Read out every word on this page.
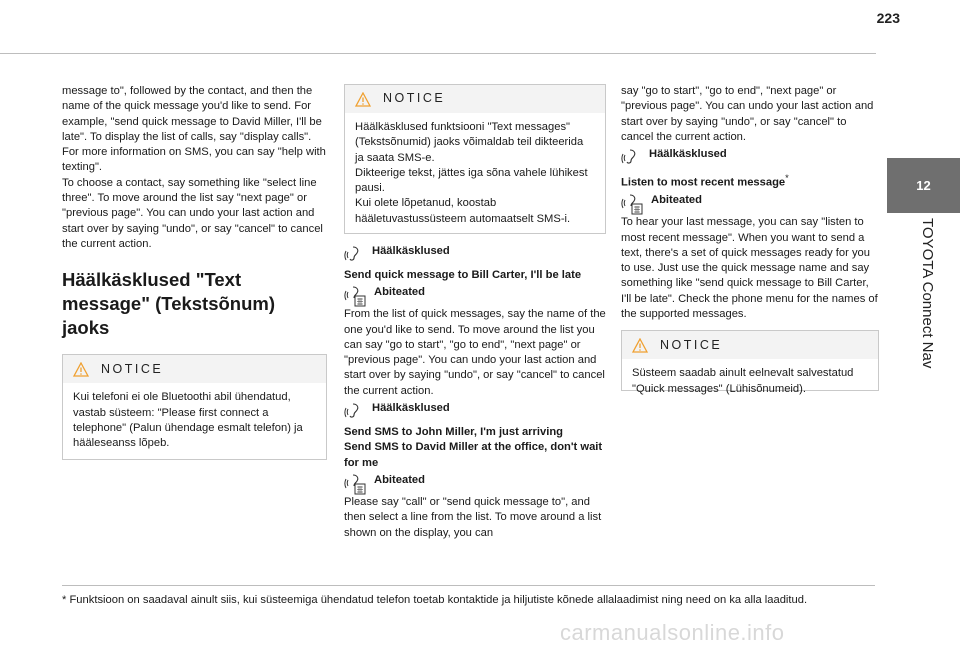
223
12
TOYOTA Connect Nav

message to", followed by the contact, and then the name of the quick message you'd like to send. For example, "send quick message to David Miller, I'll be late". To display the list of calls, say "display calls". For more information on SMS, you can say "help with texting".

To choose a contact, say something like "select line three". To move around the list say "next page" or "previous page". You can undo your last action and start over by saying "undo", or say "cancel" to cancel the current action.

Häälkäsklused "Text message" (Tekstsõnum) jaoks
NOTICE
Kui telefoni ei ole Bluetoothi abil ühendatud, vastab süsteem: "Please first connect a telephone" (Palun ühendage esmalt telefon) ja hääleseanss lõpeb.
NOTICE

Häälkäsklused funktsiooni "Text messages" (Tekstsõnumid) jaoks võimaldab teil dikteerida ja saata SMS-e.

Dikteerige tekst, jättes iga sõna vahele lühikest pausi.

Kui olete lõpetanud, koostab hääletuvastussüsteem automaatselt SMS-i.

Häälkäsklused
Send quick message to Bill Carter, I'll be late
Abiteated

From the list of quick messages, say the name of the one you'd like to send. To move around the list you can say "go to start", "go to end", "next page" or "previous page". You can undo your last action and start over by saying "undo", or say "cancel" to cancel the current action.

Häälkäsklused
Send SMS to John Miller, I'm just arriving
Send SMS to David Miller at the office, don't wait for me
Abiteated

Please say "call" or "send quick message to", and then select a line from the list. To move around a list shown on the display, you can

say "go to start", "go to end", "next page" or "previous page". You can undo your last action and start over by saying "undo", or say "cancel" to cancel the current action.

Häälkäsklused
Listen to most recent message*
Abiteated

To hear your last message, you can say "listen to most recent message". When you want to send a text, there's a set of quick messages ready for you to use. Just use the quick message name and say something like "send quick message to Bill Carter, I'll be late". Check the phone menu for the names of the supported messages.

NOTICE
Süsteem saadab ainult eelnevalt salvestatud "Quick messages" (Lühisõnumeid).
* Funktsioon on saadaval ainult siis, kui süsteemiga ühendatud telefon toetab kontaktide ja hiljutiste kõnede allalaadimist ning need on ka alla laaditud.
carmanualsonline.info
